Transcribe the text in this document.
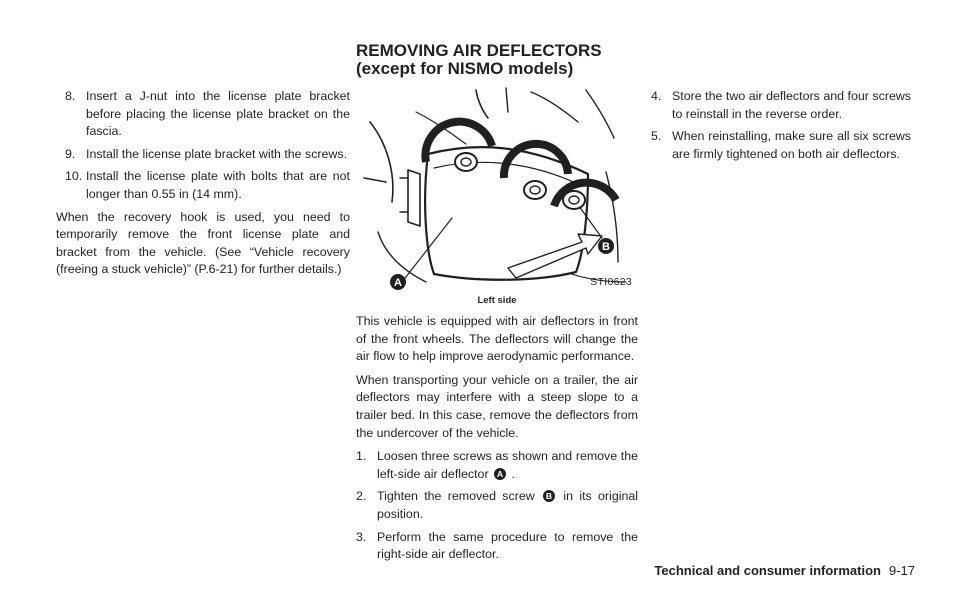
REMOVING AIR DEFLECTORS
(except for NISMO models)
8. Insert a J-nut into the license plate bracket before placing the license plate bracket on the fascia.
9. Install the license plate bracket with the screws.
10. Install the license plate with bolts that are not longer than 0.55 in (14 mm).

When the recovery hook is used, you need to temporarily remove the front license plate and bracket from the vehicle. (See “Vehicle recovery (freeing a stuck vehicle)” (P.6-21) for further details.)

A
B
STI0623
Left side

This vehicle is equipped with air deflectors in front of the front wheels. The deflectors will change the air flow to help improve aerodynamic performance.

When transporting your vehicle on a trailer, the air deflectors may interfere with a steep slope to a trailer bed. In this case, remove the deflectors from the undercover of the vehicle.

1. Loosen three screws as shown and remove the left-side air deflector A .
2. Tighten the removed screw B in its original position.
3. Perform the same procedure to remove the right-side air deflector.
4. Store the two air deflectors and four screws to reinstall in the reverse order.
5. When reinstalling, make sure all six screws are firmly tightened on both air deflectors.
Technical and consumer information 9-17
